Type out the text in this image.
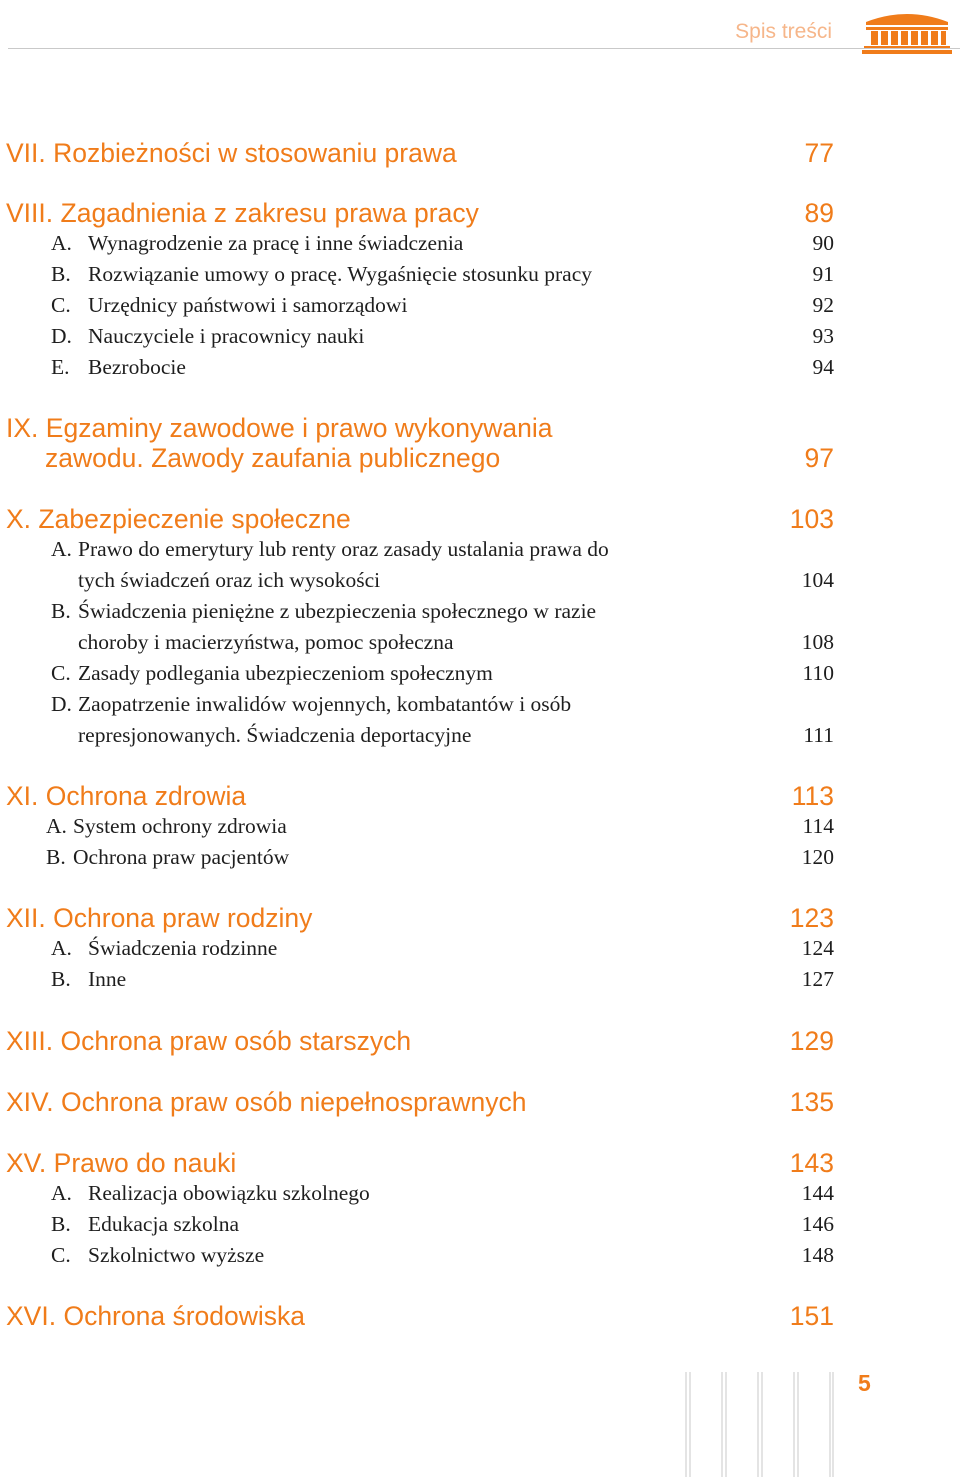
Spis treści
VII. Rozbieżności w stosowaniu prawa	77
VIII. Zagadnienia z zakresu prawa pracy	89
A. Wynagrodzenie za pracę i inne świadczenia	90
B. Rozwiązanie umowy o pracę. Wygaśnięcie stosunku pracy	91
C. Urzędnicy państwowi i samorządowi	92
D. Nauczyciele i pracownicy nauki	93
E. Bezrobocie	94
IX. Egzaminy zawodowe i prawo wykonywania
zawodu. Zawody zaufania publicznego	97
X. Zabezpieczenie społeczne	103
A. Prawo do emerytury lub renty oraz zasady ustalania prawa do
tych świadczeń oraz ich wysokości	104
B. Świadczenia pieniężne z ubezpieczenia społecznego w razie
choroby i macierzyństwa, pomoc społeczna	108
C. Zasady podlegania ubezpieczeniom społecznym	110
D. Zaopatrzenie inwalidów wojennych, kombatantów i osób
represjonowanych. Świadczenia deportacyjne	111
XI. Ochrona zdrowia	113
A. System ochrony zdrowia	114
B. Ochrona praw pacjentów	120
XII. Ochrona praw rodziny	123
A. Świadczenia rodzinne	124
B. Inne	127
XIII. Ochrona praw osób starszych	129
XIV. Ochrona praw osób niepełnosprawnych	135
XV. Prawo do nauki	143
A. Realizacja obowiązku szkolnego	144
B. Edukacja szkolna	146
C. Szkolnictwo wyższe	148
XVI. Ochrona środowiska	151
5
